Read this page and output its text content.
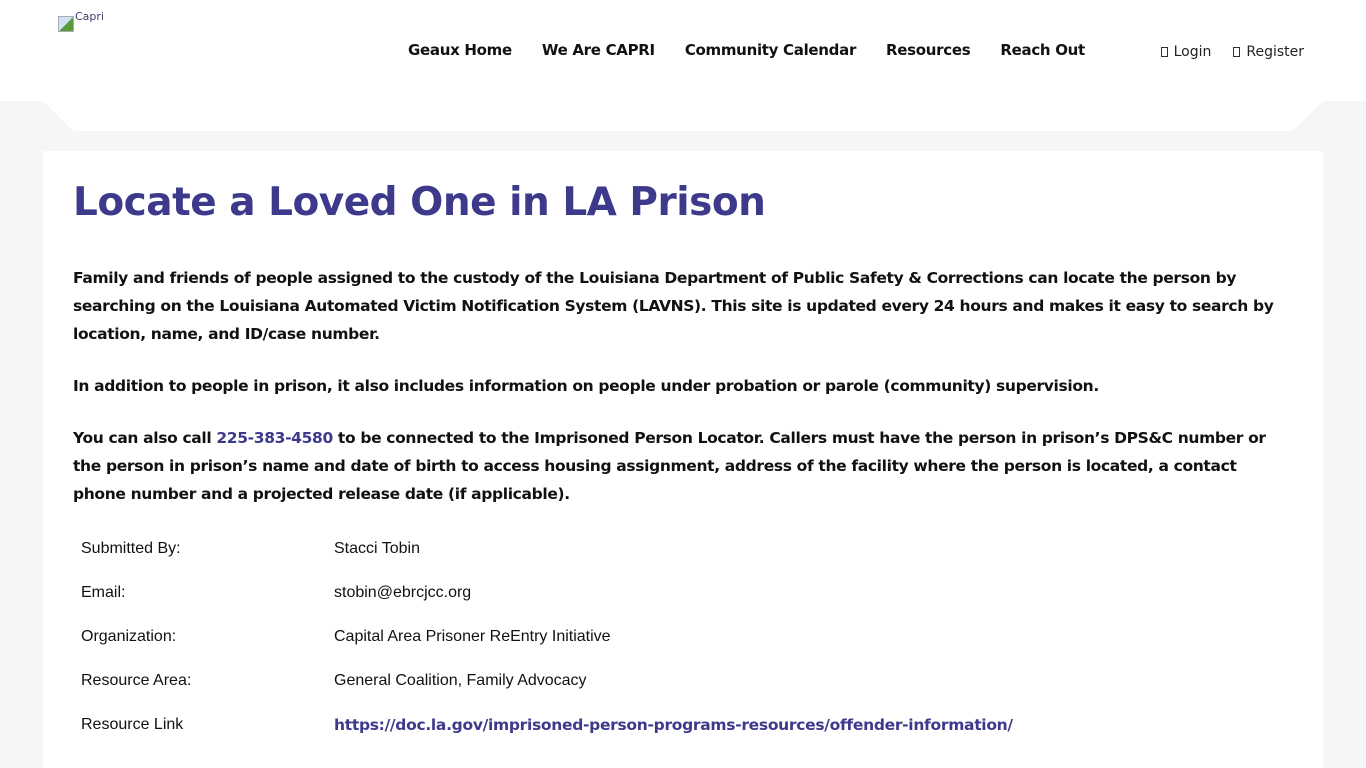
Capri
Geaux Home We Are CAPRI Community Calendar Resources Reach Out	Login	Register
Locate a Loved One in LA Prison

Family and friends of people assigned to the custody of the Louisiana Department of Public Safety & Corrections can locate the person by searching on the Louisiana Automated Victim Notification System (LAVNS). This site is updated every 24 hours and makes it easy to search by location, name, and ID/case number.

In addition to people in prison, it also includes information on people under probation or parole (community) supervision.

You can also call 225-383-4580 to be connected to the Imprisoned Person Locator. Callers must have the person in prison’s DPS&C number or the person in prison’s name and date of birth to access housing assignment, address of the facility where the person is located, a contact phone number and a projected release date (if applicable).

Submitted By:	Stacci Tobin
Email:	stobin@ebrcjcc.org
Organization:	Capital Area Prisoner ReEntry Initiative
Resource Area:	General Coalition, Family Advocacy
Resource Link	https://doc.la.gov/imprisoned-person-programs-resources/offender-information/
